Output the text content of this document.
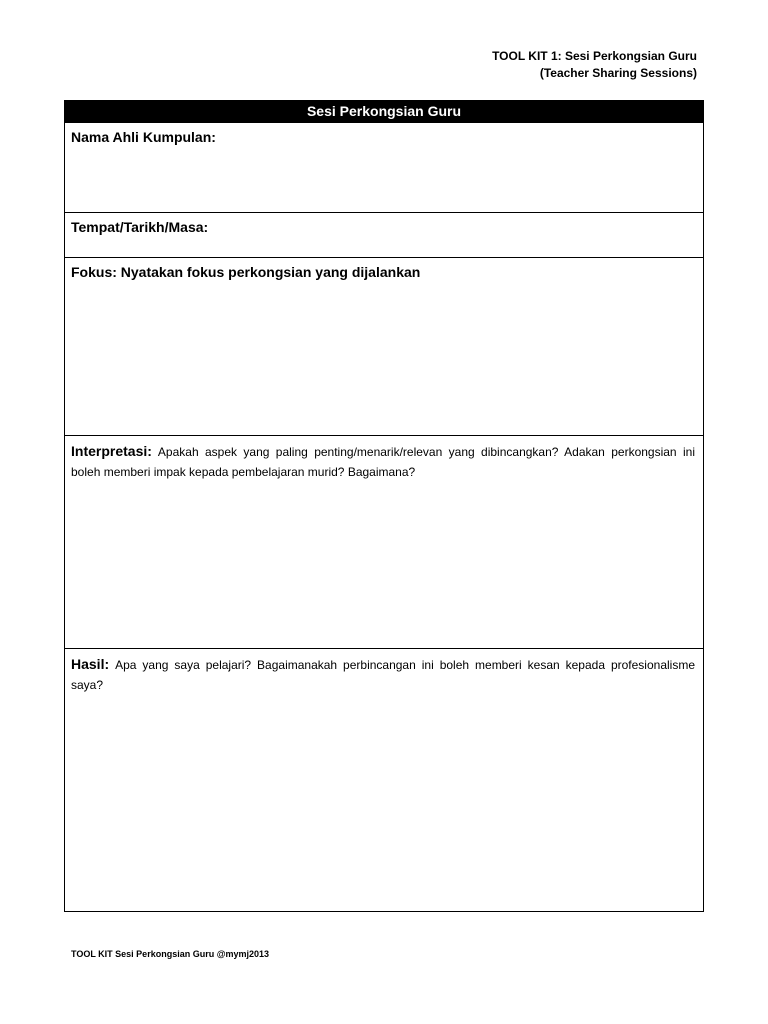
TOOL KIT 1: Sesi Perkongsian Guru
(Teacher Sharing Sessions)
Sesi Perkongsian Guru
Nama Ahli Kumpulan:
Tempat/Tarikh/Masa:
Fokus: Nyatakan fokus perkongsian yang dijalankan
Interpretasi: Apakah aspek yang paling penting/menarik/relevan yang dibincangkan? Adakan perkongsian ini boleh memberi impak kepada pembelajaran murid? Bagaimana?
Hasil: Apa yang saya pelajari? Bagaimanakah perbincangan ini boleh memberi kesan kepada profesionalisme saya?
TOOL KIT Sesi Perkongsian Guru @mymj2013
